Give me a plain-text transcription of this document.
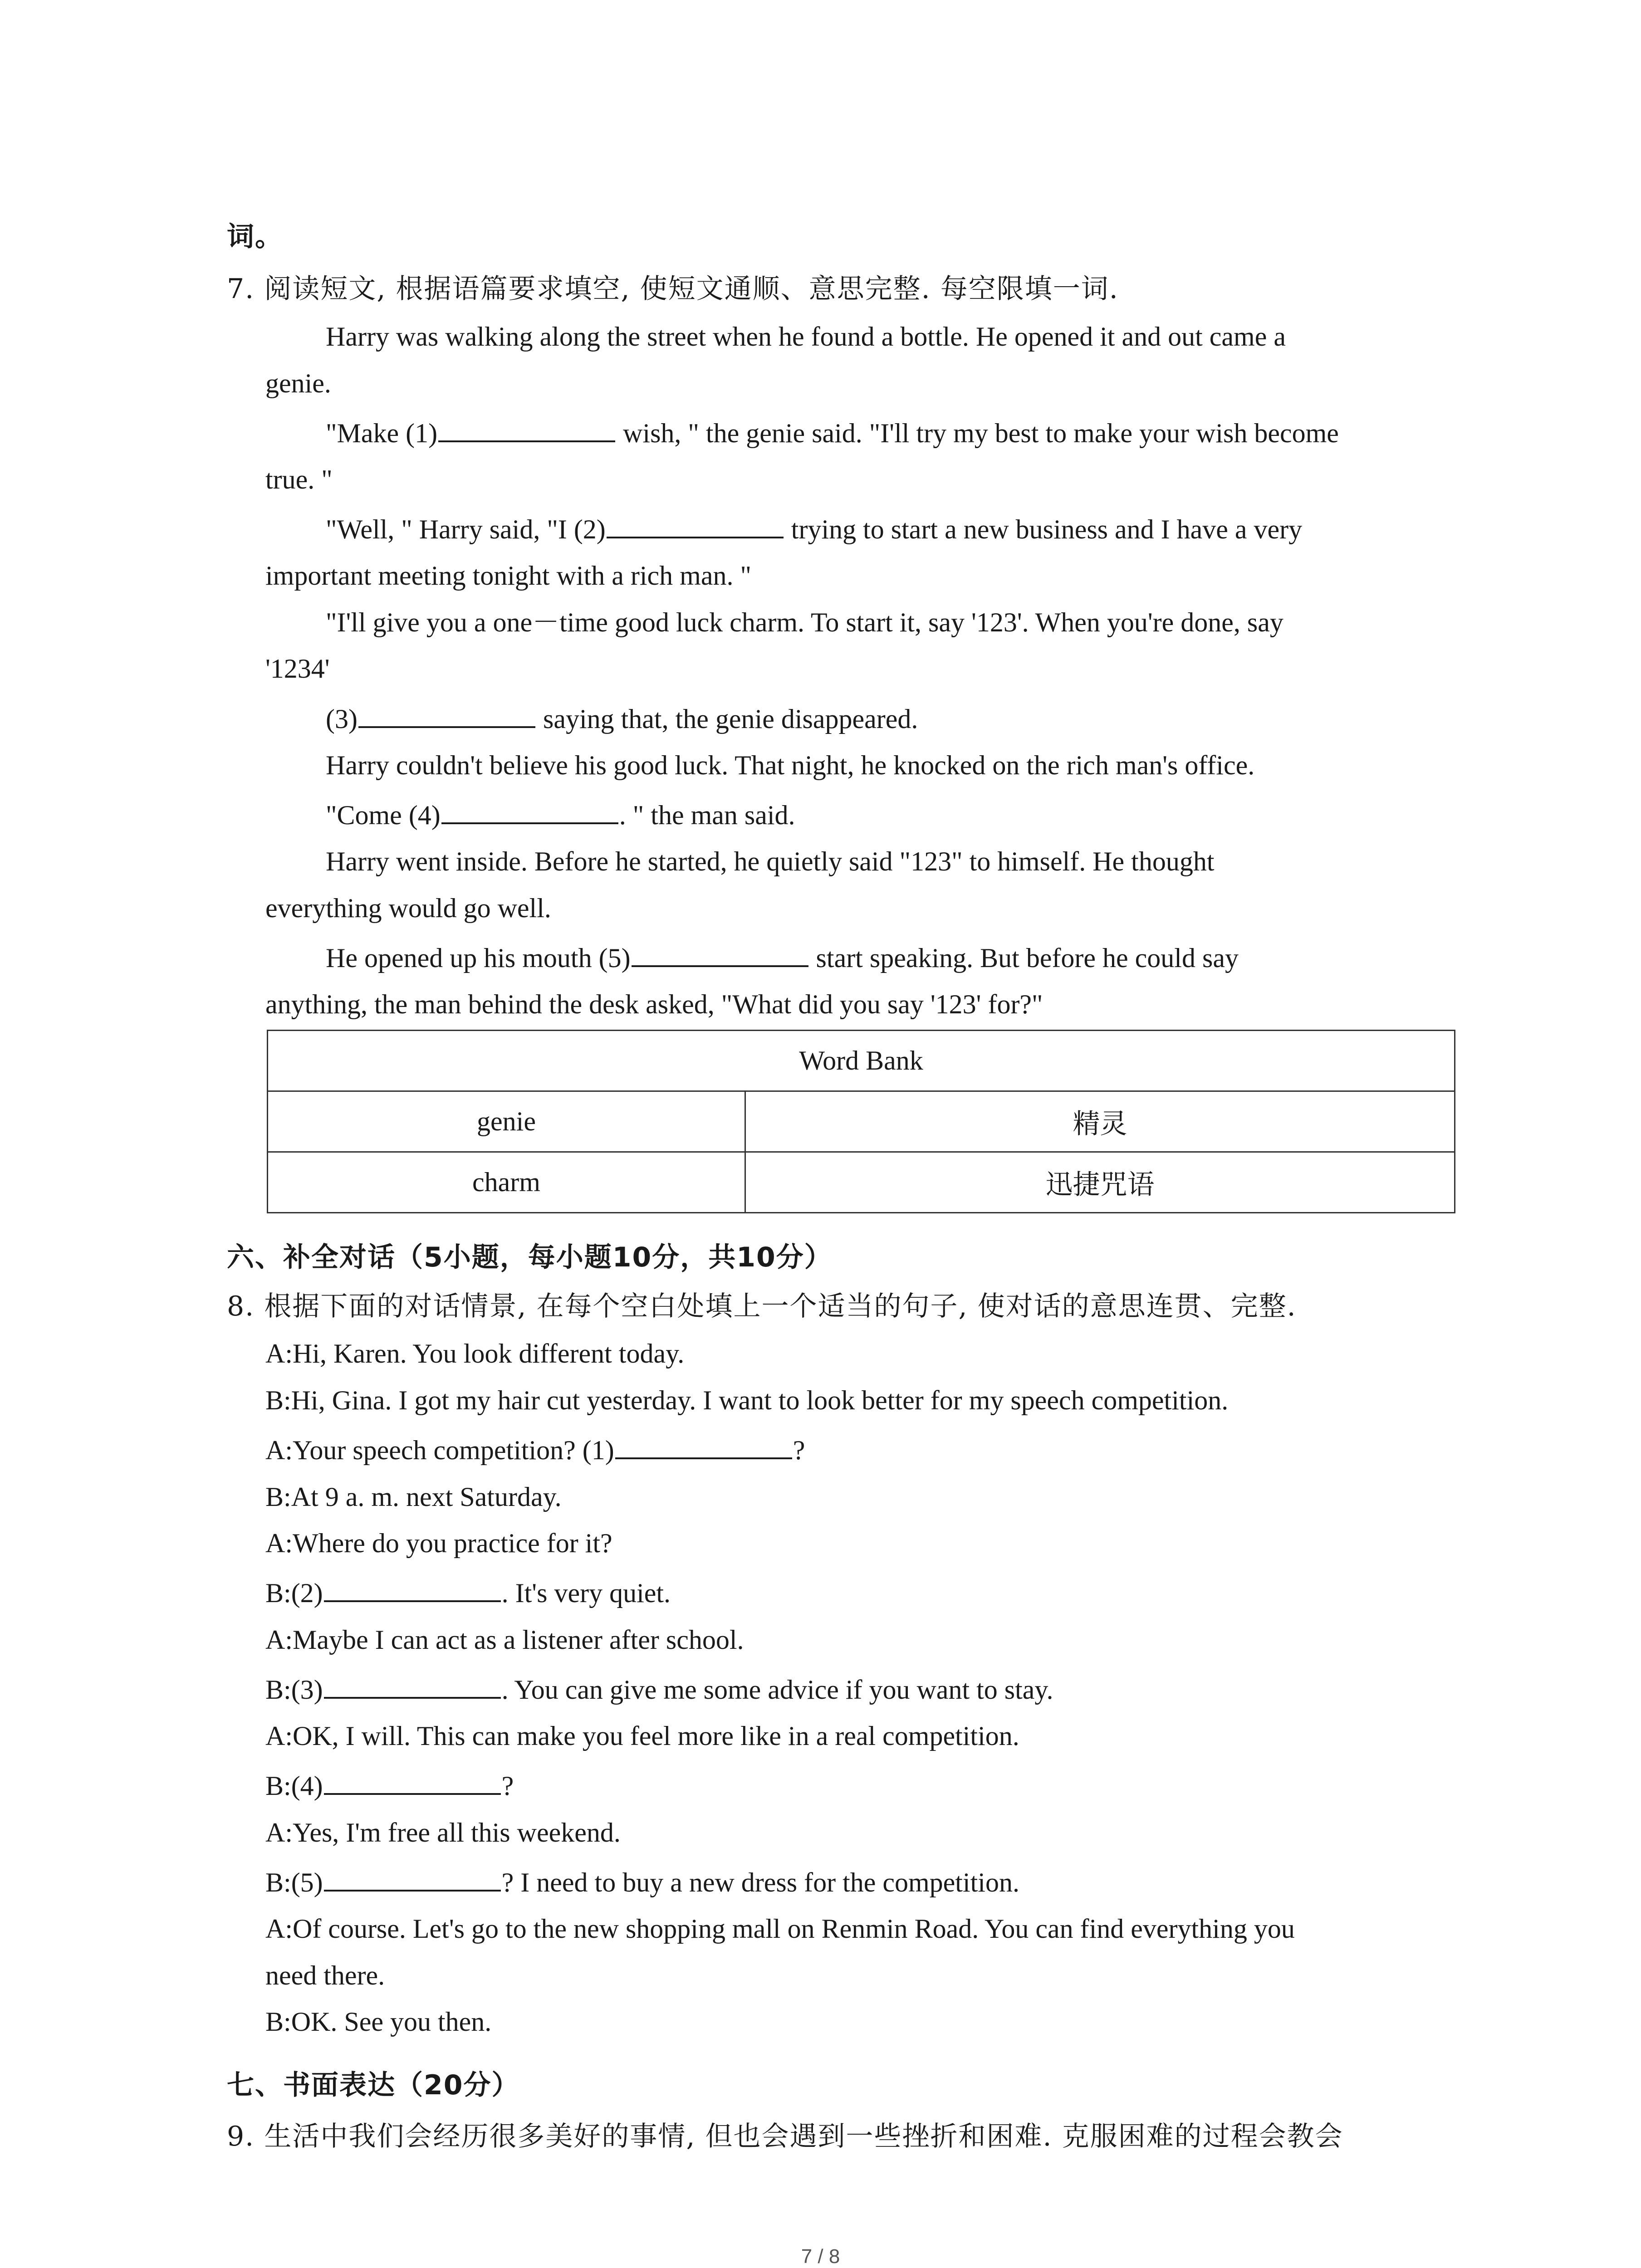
词。
7. 阅读短文, 根据语篇要求填空, 使短文通顺、意思完整. 每空限填一词.
Harry was walking along the street when he found a bottle. He opened it and out came a
genie.
"Make (1)	wish, " the genie said. "I'll try my best to make your wish become
true. "
"Well, " Harry said, "I (2)	trying to start a new business and I have a very
important meeting tonight with a rich man. "
"I'll give you a one－time good luck charm. To start it, say '123'. When you're done, say
'1234'
(3)	saying that, the genie disappeared.
Harry couldn't believe his good luck. That night, he knocked on the rich man's office.
"Come (4)	. " the man said.
Harry went inside. Before he started, he quietly said "123" to himself. He thought
everything would go well.
He opened up his mouth (5)	start speaking. But before he could say
anything, the man behind the desk asked, "What did you say '123' for?"
Word Bank	
genie	精灵
charm	迅捷咒语
六、补全对话（5小题，每小题10分，共10分）
8. 根据下面的对话情景, 在每个空白处填上一个适当的句子, 使对话的意思连贯、完整.
A:Hi, Karen. You look different today.
B:Hi, Gina. I got my hair cut yesterday. I want to look better for my speech competition.
A:Your speech competition? (1)	?
B:At 9 a. m. next Saturday.
A:Where do you practice for it?
B:(2)	. It's very quiet.
A:Maybe I can act as a listener after school.
B:(3)	. You can give me some advice if you want to stay.
A:OK, I will. This can make you feel more like in a real competition.
B:(4)	?
A:Yes, I'm free all this weekend.
B:(5)	? I need to buy a new dress for the competition.
A:Of course. Let's go to the new shopping mall on Renmin Road. You can find everything you
need there.
B:OK. See you then.
七、书面表达（20分）
9. 生活中我们会经历很多美好的事情, 但也会遇到一些挫折和困难. 克服困难的过程会教会
7 / 8
